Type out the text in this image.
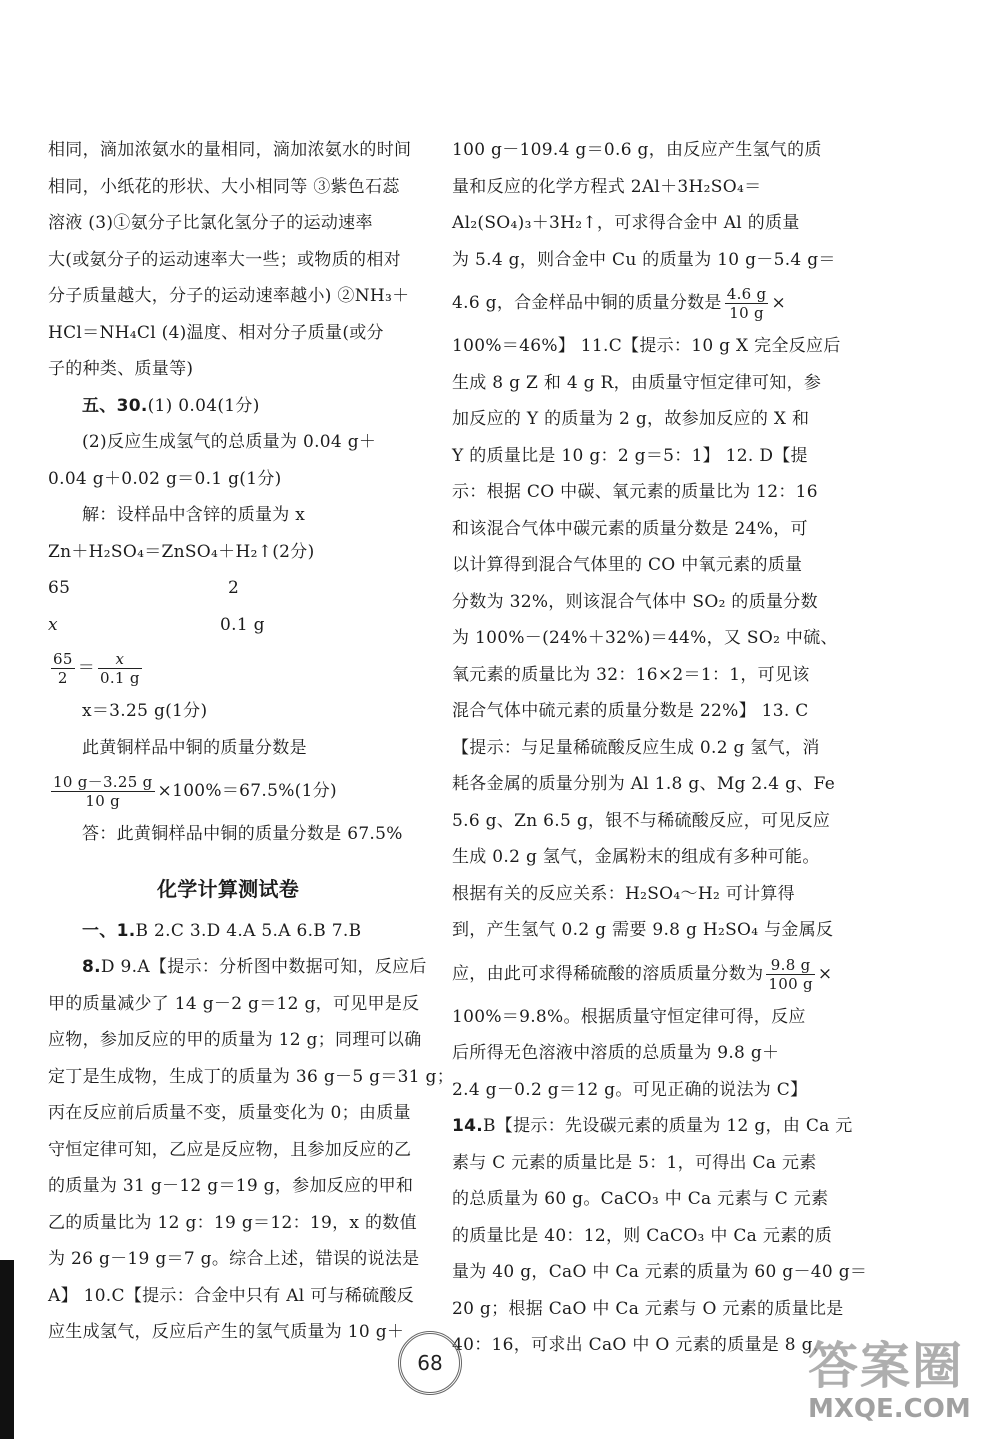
相同，滴加浓氨水的量相同，滴加浓氨水的时间
相同，小纸花的形状、大小相同等 ③紫色石蕊
溶液 (3)①氨分子比氯化氢分子的运动速率
大(或氨分子的运动速率大一些；或物质的相对
分子质量越大，分子的运动速率越小) ②NH₃＋
HCl＝NH₄Cl (4)温度、相对分子质量(或分
子的种类、质量等)
五、30.(1) 0.04(1分)
(2)反应生成氢气的总质量为 0.04 g＋
0.04 g＋0.02 g＝0.1 g(1分)
解：设样品中含锌的质量为 x
Zn＋H₂SO₄＝ZnSO₄＋H₂↑(2分)
65	2
x	0.1 g
$\frac{65}{2} = \frac{x}{0.1 g}$
x＝3.25 g(1分)
此黄铜样品中铜的质量分数是
$\frac{10 g-3.25 g}{10 g} \times 100\%=67.5\%(1$分)
答：此黄铜样品中铜的质量分数是 67.5%
化学计算测试卷
一、1.B 2.C 3.D 4.A 5.A 6.B 7.B
8.D 9.A【提示：分析图中数据可知，反应后
甲的质量减少了 14 g－2 g＝12 g，可见甲是反
应物，参加反应的甲的质量为 12 g；同理可以确
定丁是生成物，生成丁的质量为 36 g－5 g＝31 g；
丙在反应前后质量不变，质量变化为 0；由质量
守恒定律可知，乙应是反应物，且参加反应的乙
的质量为 31 g－12 g＝19 g，参加反应的甲和
乙的质量比为 12 g：19 g＝12：19，x 的数值
为 26 g－19 g＝7 g。综合上述，错误的说法是
A】 10.C【提示：合金中只有 Al 可与稀硫酸反
应生成氢气，反应后产生的氢气质量为 10 g＋
100 g－109.4 g＝0.6 g，由反应产生氢气的质
量和反应的化学方程式 2Al＋3H₂SO₄＝
Al₂(SO₄)₃＋3H₂↑，可求得合金中 Al 的质量
为 5.4 g，则合金中 Cu 的质量为 10 g－5.4 g＝
4.6 g，合金样品中铜的质量分数是 $\frac{4.6 g}{10 g}$ ×
100%＝46%】 11.C【提示：10 g X 完全反应后
生成 8 g Z 和 4 g R，由质量守恒定律可知，参
加反应的 Y 的质量为 2 g，故参加反应的 X 和
Y 的质量比是 10 g：2 g＝5：1】 12. D【提
示：根据 CO 中碳、氧元素的质量比为 12：16
和该混合气体中碳元素的质量分数是 24%，可
以计算得到混合气体里的 CO 中氧元素的质量
分数为 32%，则该混合气体中 SO₂ 的质量分数
为 100%－(24%＋32%)＝44%，又 SO₂ 中硫、
氧元素的质量比为 32：16×2＝1：1，可见该
混合气体中硫元素的质量分数是 22%】 13. C
【提示：与足量稀硫酸反应生成 0.2 g 氢气，消
耗各金属的质量分别为 Al 1.8 g、Mg 2.4 g、Fe
5.6 g、Zn 6.5 g，银不与稀硫酸反应，可见反应
生成 0.2 g 氢气，金属粉末的组成有多种可能。
根据有关的反应关系：H₂SO₄～H₂ 可计算得
到，产生氢气 0.2 g 需要 9.8 g H₂SO₄ 与金属反
应，由此可求得稀硫酸的溶质质量分数为 $\frac{9.8 g}{100 g}$ ×
100%＝9.8%。根据质量守恒定律可得，反应
后所得无色溶液中溶质的总质量为 9.8 g＋
2.4 g－0.2 g＝12 g。可见正确的说法为 C】
14.B【提示：先设碳元素的质量为 12 g，由 Ca 元
素与 C 元素的质量比是 5：1，可得出 Ca 元素
的总质量为 60 g。CaCO₃ 中 Ca 元素与 C 元素
的质量比是 40：12，则 CaCO₃ 中 Ca 元素的质
量为 40 g，CaO 中 Ca 元素的质量为 60 g－40 g＝
20 g；根据 CaO 中 Ca 元素与 O 元素的质量比是
40：16，可求出 CaO 中 O 元素的质量是 8 g，
68	答案圈
MXQE.COM
